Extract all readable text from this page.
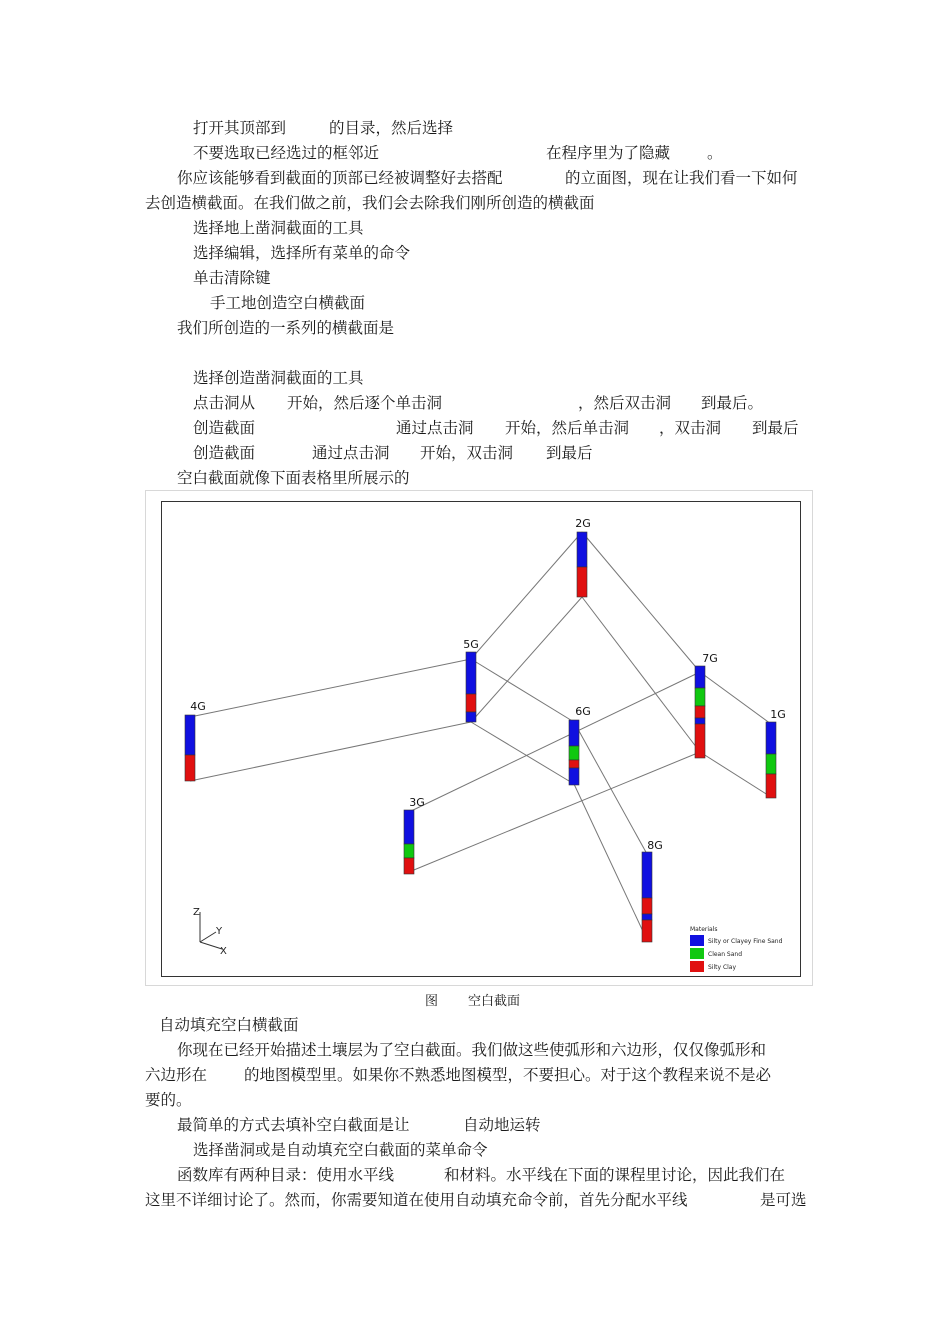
打开其顶部到	的目录，然后选择
不要选取已经选过的框邻近	在程序里为了隐藏 。
你应该能够看到截面的顶部已经被调整好去搭配	的立面图，现在让我们看一下如何
去创造横截面。在我们做之前，我们会去除我们刚所创造的横截面
选择地上凿洞截面的工具
选择编辑，选择所有菜单的命令
单击清除键
手工地创造空白横截面
我们所创造的一系列的横截面是
选择创造凿洞截面的工具
点击洞从 开始，然后逐个单击洞	，然后双击洞 到最后。
创造截面	通过点击洞 开始，然后单击洞 ，双击洞 到最后
创造截面	通过点击洞 开始，双击洞 到最后
空白截面就像下面表格里所展示的
2G
5G
7G
4G	6G	1G
3G
8G
Z
Y
X
Materials
Silty or Clayey Fine Sand
Clean Sand
Silty Clay
图 空白截面
自动填充空白横截面
你现在已经开始描述土壤层为了空白截面。我们做这些使弧形和六边形，仅仅像弧形和
六边形在 的地图模型里。如果你不熟悉地图模型，不要担心。对于这个教程来说不是必
要的。
最简单的方式去填补空白截面是让	自动地运转
选择凿洞或是自动填充空白截面的菜单命令
函数库有两种目录：使用水平线	和材料。水平线在下面的课程里讨论，因此我们在
这里不详细讨论了。然而，你需要知道在使用自动填充命令前，首先分配水平线	是可选
